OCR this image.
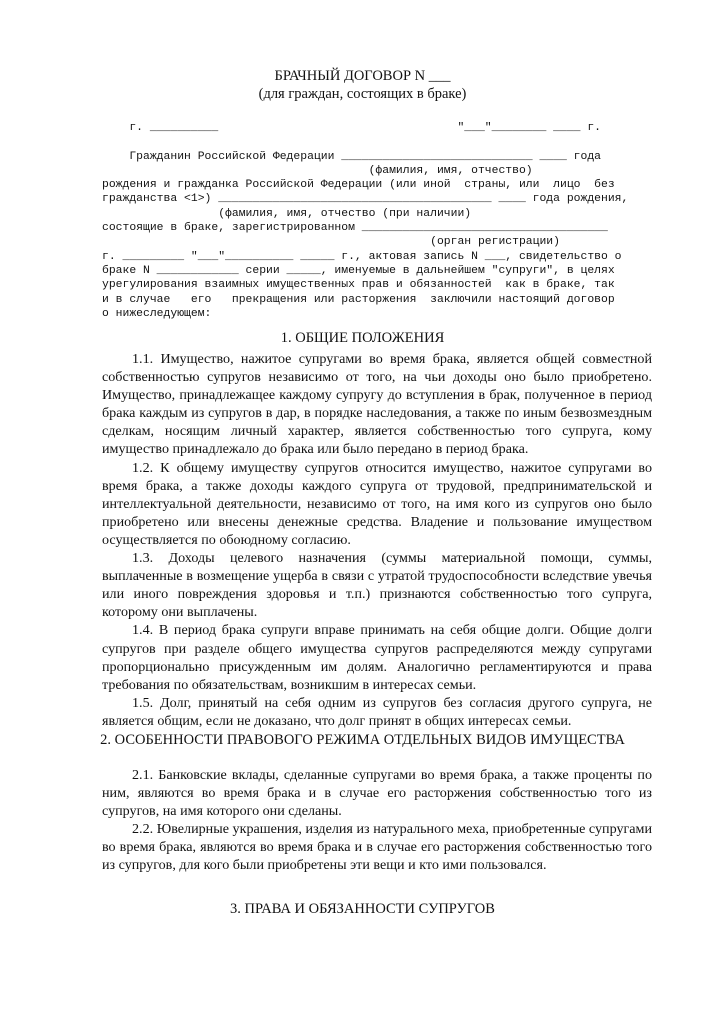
БРАЧНЫЙ ДОГОВОР N ___
(для граждан, состоящих в браке)
г. __________                                   "___"________ ____ г.

Гражданин Российской Федерации ____________________________ ____ года
(фамилия, имя, отчество)
рождения и гражданка Российской Федерации (или иной  страны, или  лицо  без
гражданства <1>) ________________________________________ ____ года рождения,
(фамилия, имя, отчество (при наличии)
состоящие в браке, зарегистрированном ____________________________________
(орган регистрации)
г. _________ "___"__________ _____ г., актовая запись N ___, свидетельство о
браке N ____________ серии _____, именуемые в дальнейшем "супруги", в целях
урегулирования взаимных имущественных прав и обязанностей  как в браке, так
и в случае   его   прекращения или расторжения  заключили настоящий договор
о нижеследующем:
1. ОБЩИЕ ПОЛОЖЕНИЯ

1.1. Имущество, нажитое супругами во время брака, является общей совместной собственностью супругов независимо от того, на чьи доходы оно было приобретено. Имущество, принадлежащее каждому супругу до вступления в брак, полученное в период брака каждым из супругов в дар, в порядке наследования, а также по иным безвозмездным сделкам, носящим личный характер, является собственностью того супруга, кому имущество принадлежало до брака или было передано в период брака.

1.2. К общему имуществу супругов относится имущество, нажитое супругами во время брака, а также доходы каждого супруга от трудовой, предпринимательской и интеллектуальной деятельности, независимо от того, на имя кого из супругов оно было приобретено или внесены денежные средства. Владение и пользование имуществом осуществляется по обоюдному согласию.

1.3. Доходы целевого назначения (суммы материальной помощи, суммы, выплаченные в возмещение ущерба в связи с утратой трудоспособности вследствие увечья или иного повреждения здоровья и т.п.) признаются собственностью того супруга, которому они выплачены.

1.4. В период брака супруги вправе принимать на себя общие долги. Общие долги супругов при разделе общего имущества супругов распределяются между супругами пропорционально присужденным им долям. Аналогично регламентируются и права требования по обязательствам, возникшим в интересах семьи.

1.5. Долг, принятый на себя одним из супругов без согласия другого супруга, не является общим, если не доказано, что долг принят в общих интересах семьи.

2. ОСОБЕННОСТИ ПРАВОВОГО РЕЖИМА ОТДЕЛЬНЫХ ВИДОВ ИМУЩЕСТВА

2.1. Банковские вклады, сделанные супругами во время брака, а также проценты по ним, являются во время брака и в случае его расторжения собственностью того из супругов, на имя которого они сделаны.

2.2. Ювелирные украшения, изделия из натурального меха, приобретенные супругами во время брака, являются во время брака и в случае его расторжения собственностью того из супругов, для кого были приобретены эти вещи и кто ими пользовался.

3. ПРАВА И ОБЯЗАННОСТИ СУПРУГОВ
